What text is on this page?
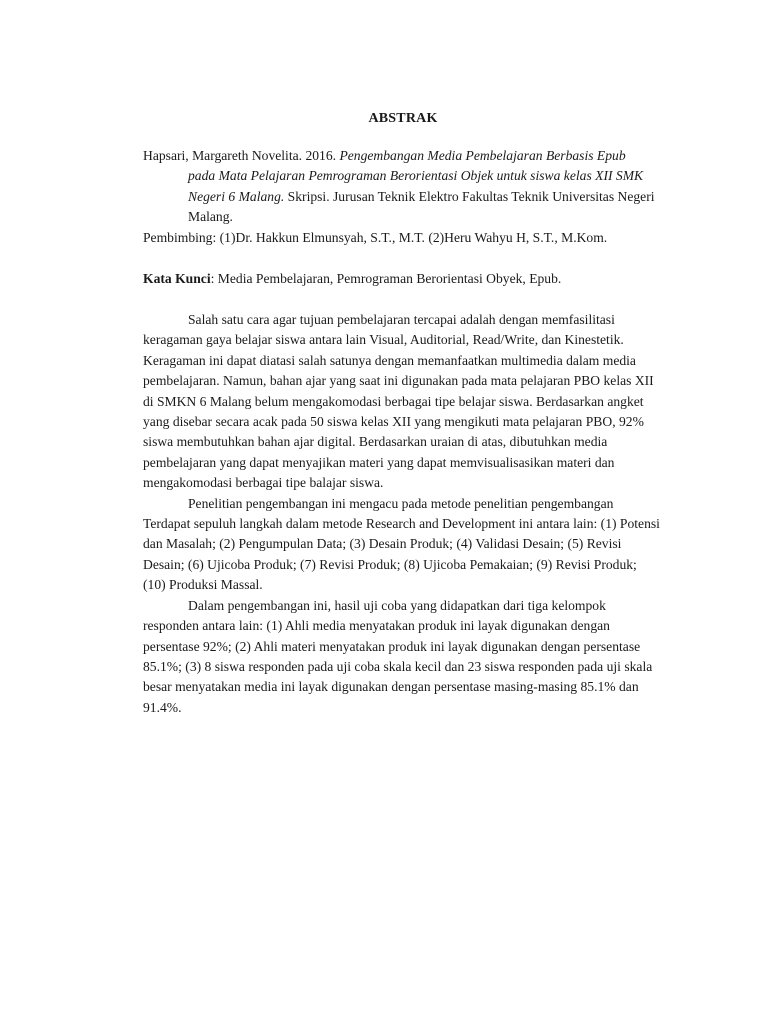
ABSTRAK
Hapsari, Margareth Novelita. 2016. Pengembangan Media Pembelajaran Berbasis Epub pada Mata Pelajaran Pemrograman Berorientasi Objek untuk siswa kelas XII SMK Negeri 6 Malang. Skripsi. Jurusan Teknik Elektro Fakultas Teknik Universitas Negeri Malang.
Pembimbing: (1)Dr. Hakkun Elmunsyah, S.T., M.T. (2)Heru Wahyu H, S.T., M.Kom.
Kata Kunci: Media Pembelajaran, Pemrograman Berorientasi Obyek, Epub.

Salah satu cara agar tujuan pembelajaran tercapai adalah dengan memfasilitasi keragaman gaya belajar siswa antara lain Visual, Auditorial, Read/Write, dan Kinestetik. Keragaman ini dapat diatasi salah satunya dengan memanfaatkan multimedia dalam media pembelajaran. Namun, bahan ajar yang saat ini digunakan pada mata pelajaran PBO kelas XII di SMKN 6 Malang belum mengakomodasi berbagai tipe belajar siswa. Berdasarkan angket yang disebar secara acak pada 50 siswa kelas XII yang mengikuti mata pelajaran PBO, 92% siswa membutuhkan bahan ajar digital. Berdasarkan uraian di atas, dibutuhkan media pembelajaran yang dapat menyajikan materi yang dapat memvisualisasikan materi dan mengakomodasi berbagai tipe balajar siswa.

Penelitian pengembangan ini mengacu pada metode penelitian pengembangan Terdapat sepuluh langkah dalam metode Research and Development ini antara lain: (1) Potensi dan Masalah; (2) Pengumpulan Data; (3) Desain Produk; (4) Validasi Desain; (5) Revisi Desain; (6) Ujicoba Produk; (7) Revisi Produk; (8) Ujicoba Pemakaian; (9) Revisi Produk; (10) Produksi Massal.

Dalam pengembangan ini, hasil uji coba yang didapatkan dari tiga kelompok responden antara lain: (1) Ahli media menyatakan produk ini layak digunakan dengan persentase 92%; (2) Ahli materi menyatakan produk ini layak digunakan dengan persentase 85.1%; (3) 8 siswa responden pada uji coba skala kecil dan 23 siswa responden pada uji skala besar menyatakan media ini layak digunakan dengan persentase masing-masing 85.1% dan 91.4%.
